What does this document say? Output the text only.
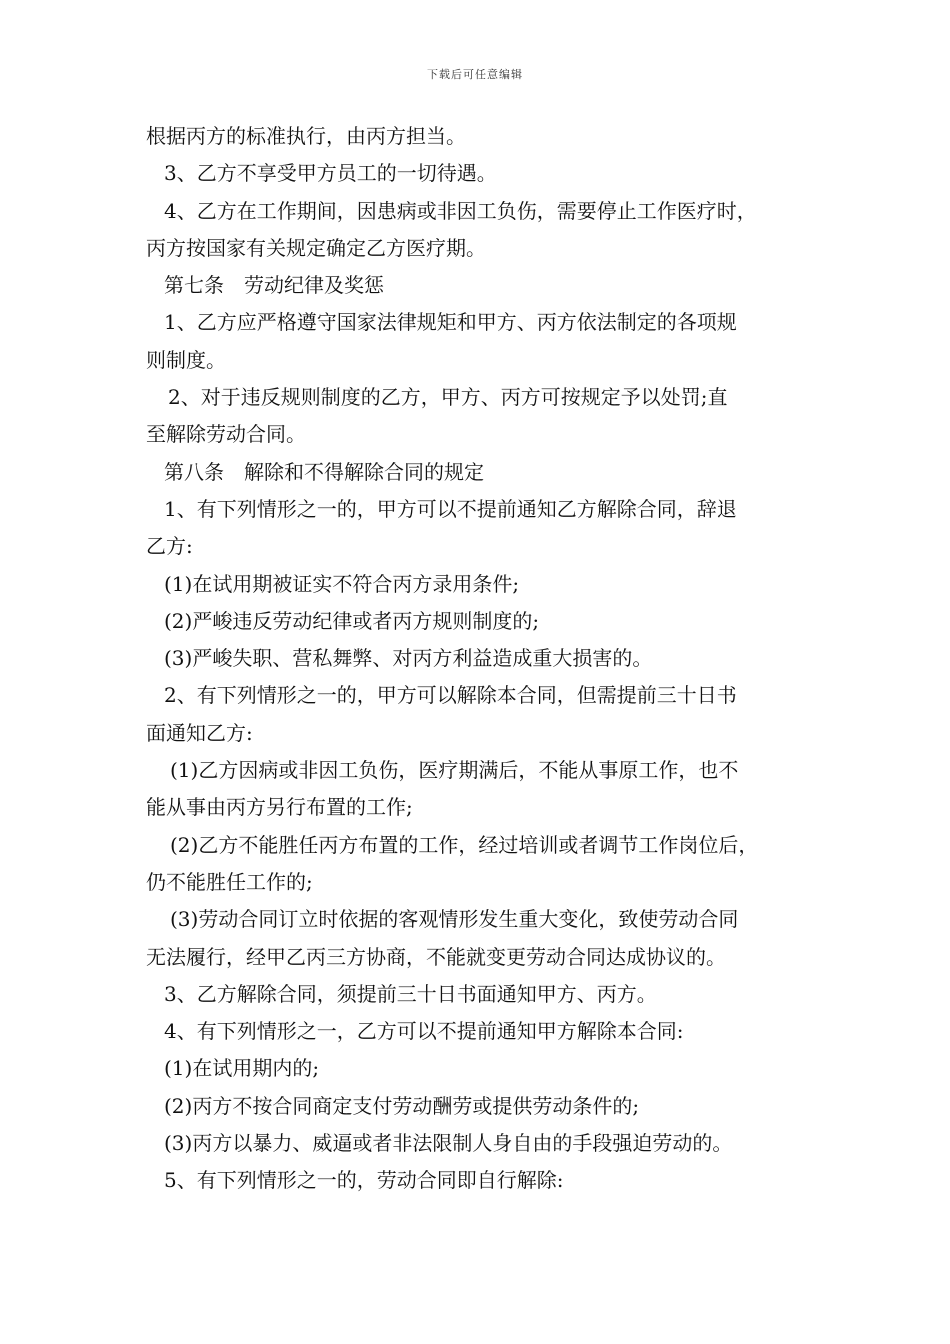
下载后可任意编辑

根据丙方的标准执行，由丙方担当。

3、乙方不享受甲方员工的一切待遇。

4、乙方在工作期间，因患病或非因工负伤，需要停止工作医疗时，

丙方按国家有关规定确定乙方医疗期。

第七条　劳动纪律及奖惩

1、乙方应严格遵守国家法律规矩和甲方、丙方依法制定的各项规

则制度。

2、对于违反规则制度的乙方，甲方、丙方可按规定予以处罚;直

至解除劳动合同。

第八条　解除和不得解除合同的规定

1、有下列情形之一的，甲方可以不提前通知乙方解除合同，辞退

乙方:

(1)在试用期被证实不符合丙方录用条件;

(2)严峻违反劳动纪律或者丙方规则制度的;

(3)严峻失职、营私舞弊、对丙方利益造成重大损害的。

2、有下列情形之一的，甲方可以解除本合同，但需提前三十日书

面通知乙方:

(1)乙方因病或非因工负伤，医疗期满后，不能从事原工作，也不

能从事由丙方另行布置的工作;

(2)乙方不能胜任丙方布置的工作，经过培训或者调节工作岗位后，

仍不能胜任工作的;

(3)劳动合同订立时依据的客观情形发生重大变化，致使劳动合同

无法履行，经甲乙丙三方协商，不能就变更劳动合同达成协议的。

3、乙方解除合同，须提前三十日书面通知甲方、丙方。

4、有下列情形之一，乙方可以不提前通知甲方解除本合同:

(1)在试用期内的;

(2)丙方不按合同商定支付劳动酬劳或提供劳动条件的;

(3)丙方以暴力、威逼或者非法限制人身自由的手段强迫劳动的。

5、有下列情形之一的，劳动合同即自行解除:
